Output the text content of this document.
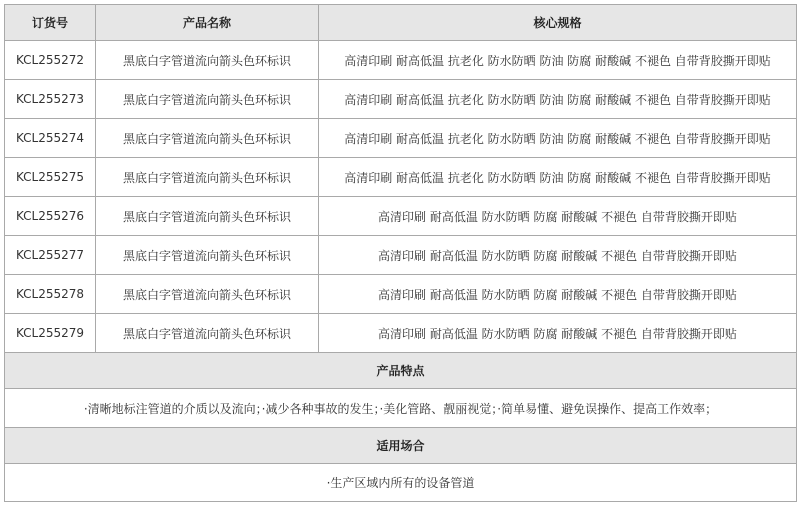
订货号	产品名称	核心规格
KCL255272	黑底白字管道流向箭头色环标识	高清印刷 耐高低温 抗老化 防水防晒 防油 防腐 耐酸碱 不褪色 自带背胶撕开即贴
KCL255273	黑底白字管道流向箭头色环标识	高清印刷 耐高低温 抗老化 防水防晒 防油 防腐 耐酸碱 不褪色 自带背胶撕开即贴
KCL255274	黑底白字管道流向箭头色环标识	高清印刷 耐高低温 抗老化 防水防晒 防油 防腐 耐酸碱 不褪色 自带背胶撕开即贴
KCL255275	黑底白字管道流向箭头色环标识	高清印刷 耐高低温 抗老化 防水防晒 防油 防腐 耐酸碱 不褪色 自带背胶撕开即贴
KCL255276	黑底白字管道流向箭头色环标识	高清印刷 耐高低温 防水防晒 防腐 耐酸碱 不褪色 自带背胶撕开即贴
KCL255277	黑底白字管道流向箭头色环标识	高清印刷 耐高低温 防水防晒 防腐 耐酸碱 不褪色 自带背胶撕开即贴
KCL255278	黑底白字管道流向箭头色环标识	高清印刷 耐高低温 防水防晒 防腐 耐酸碱 不褪色 自带背胶撕开即贴
KCL255279	黑底白字管道流向箭头色环标识	高清印刷 耐高低温 防水防晒 防腐 耐酸碱 不褪色 自带背胶撕开即贴
产品特点		
·清晰地标注管道的介质以及流向；·减少各种事故的发生；·美化管路、靓丽视觉；·简单易懂、避免误操作、提高工作效率；		
适用场合		
·生产区域内所有的设备管道		
